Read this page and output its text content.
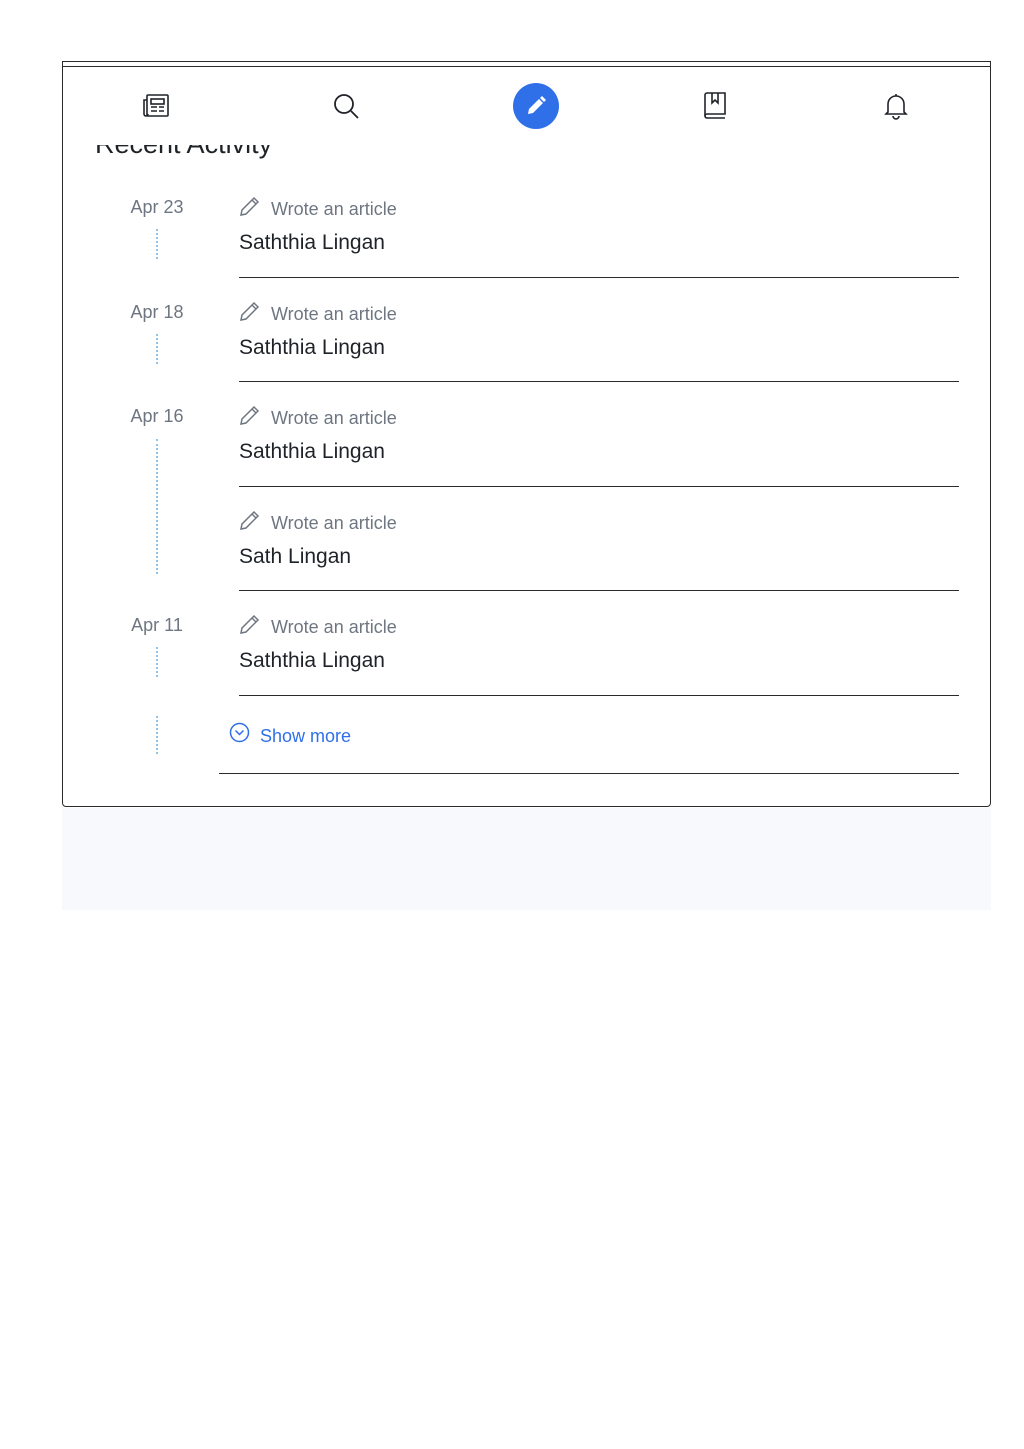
Apr 23	Wrote an article
Saththia Lingan
Apr 18	Wrote an article
Saththia Lingan
Apr 16	Wrote an article
Saththia Lingan
Wrote an article
Sath Lingan
Apr 11	Wrote an article
Saththia Lingan
Show more
